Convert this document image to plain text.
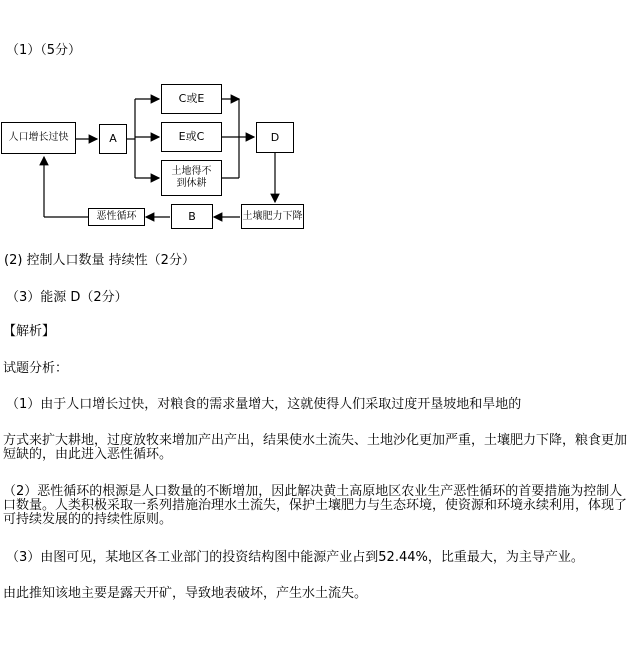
（1）（5分）
人口增长过快	A
C或E
E或C
土地得不到休耕
D
土壤肥力下降
B
恶性循环
(2) 控制人口数量 持续性（2分）
（3）能源 D（2分）
【解析】
试题分析：
（1）由于人口增长过快，对粮食的需求量增大，这就使得人们采取过度开垦坡地和旱地的
方式来扩大耕地，过度放牧来增加产出产出，结果使水土流失、土地沙化更加严重，土壤肥力下降，粮食更加短缺的，由此进入恶性循环。
（2）恶性循环的根源是人口数量的不断增加，因此解决黄土高原地区农业生产恶性循环的首要措施为控制人口数量。人类积极采取一系列措施治理水土流失，保护土壤肥力与生态环境，使资源和环境永续利用，体现了可持续发展的的持续性原则。
（3）由图可见，某地区各工业部门的投资结构图中能源产业占到52.44%，比重最大，为主导产业。
由此推知该地主要是露天开矿，导致地表破坏，产生水土流失。
